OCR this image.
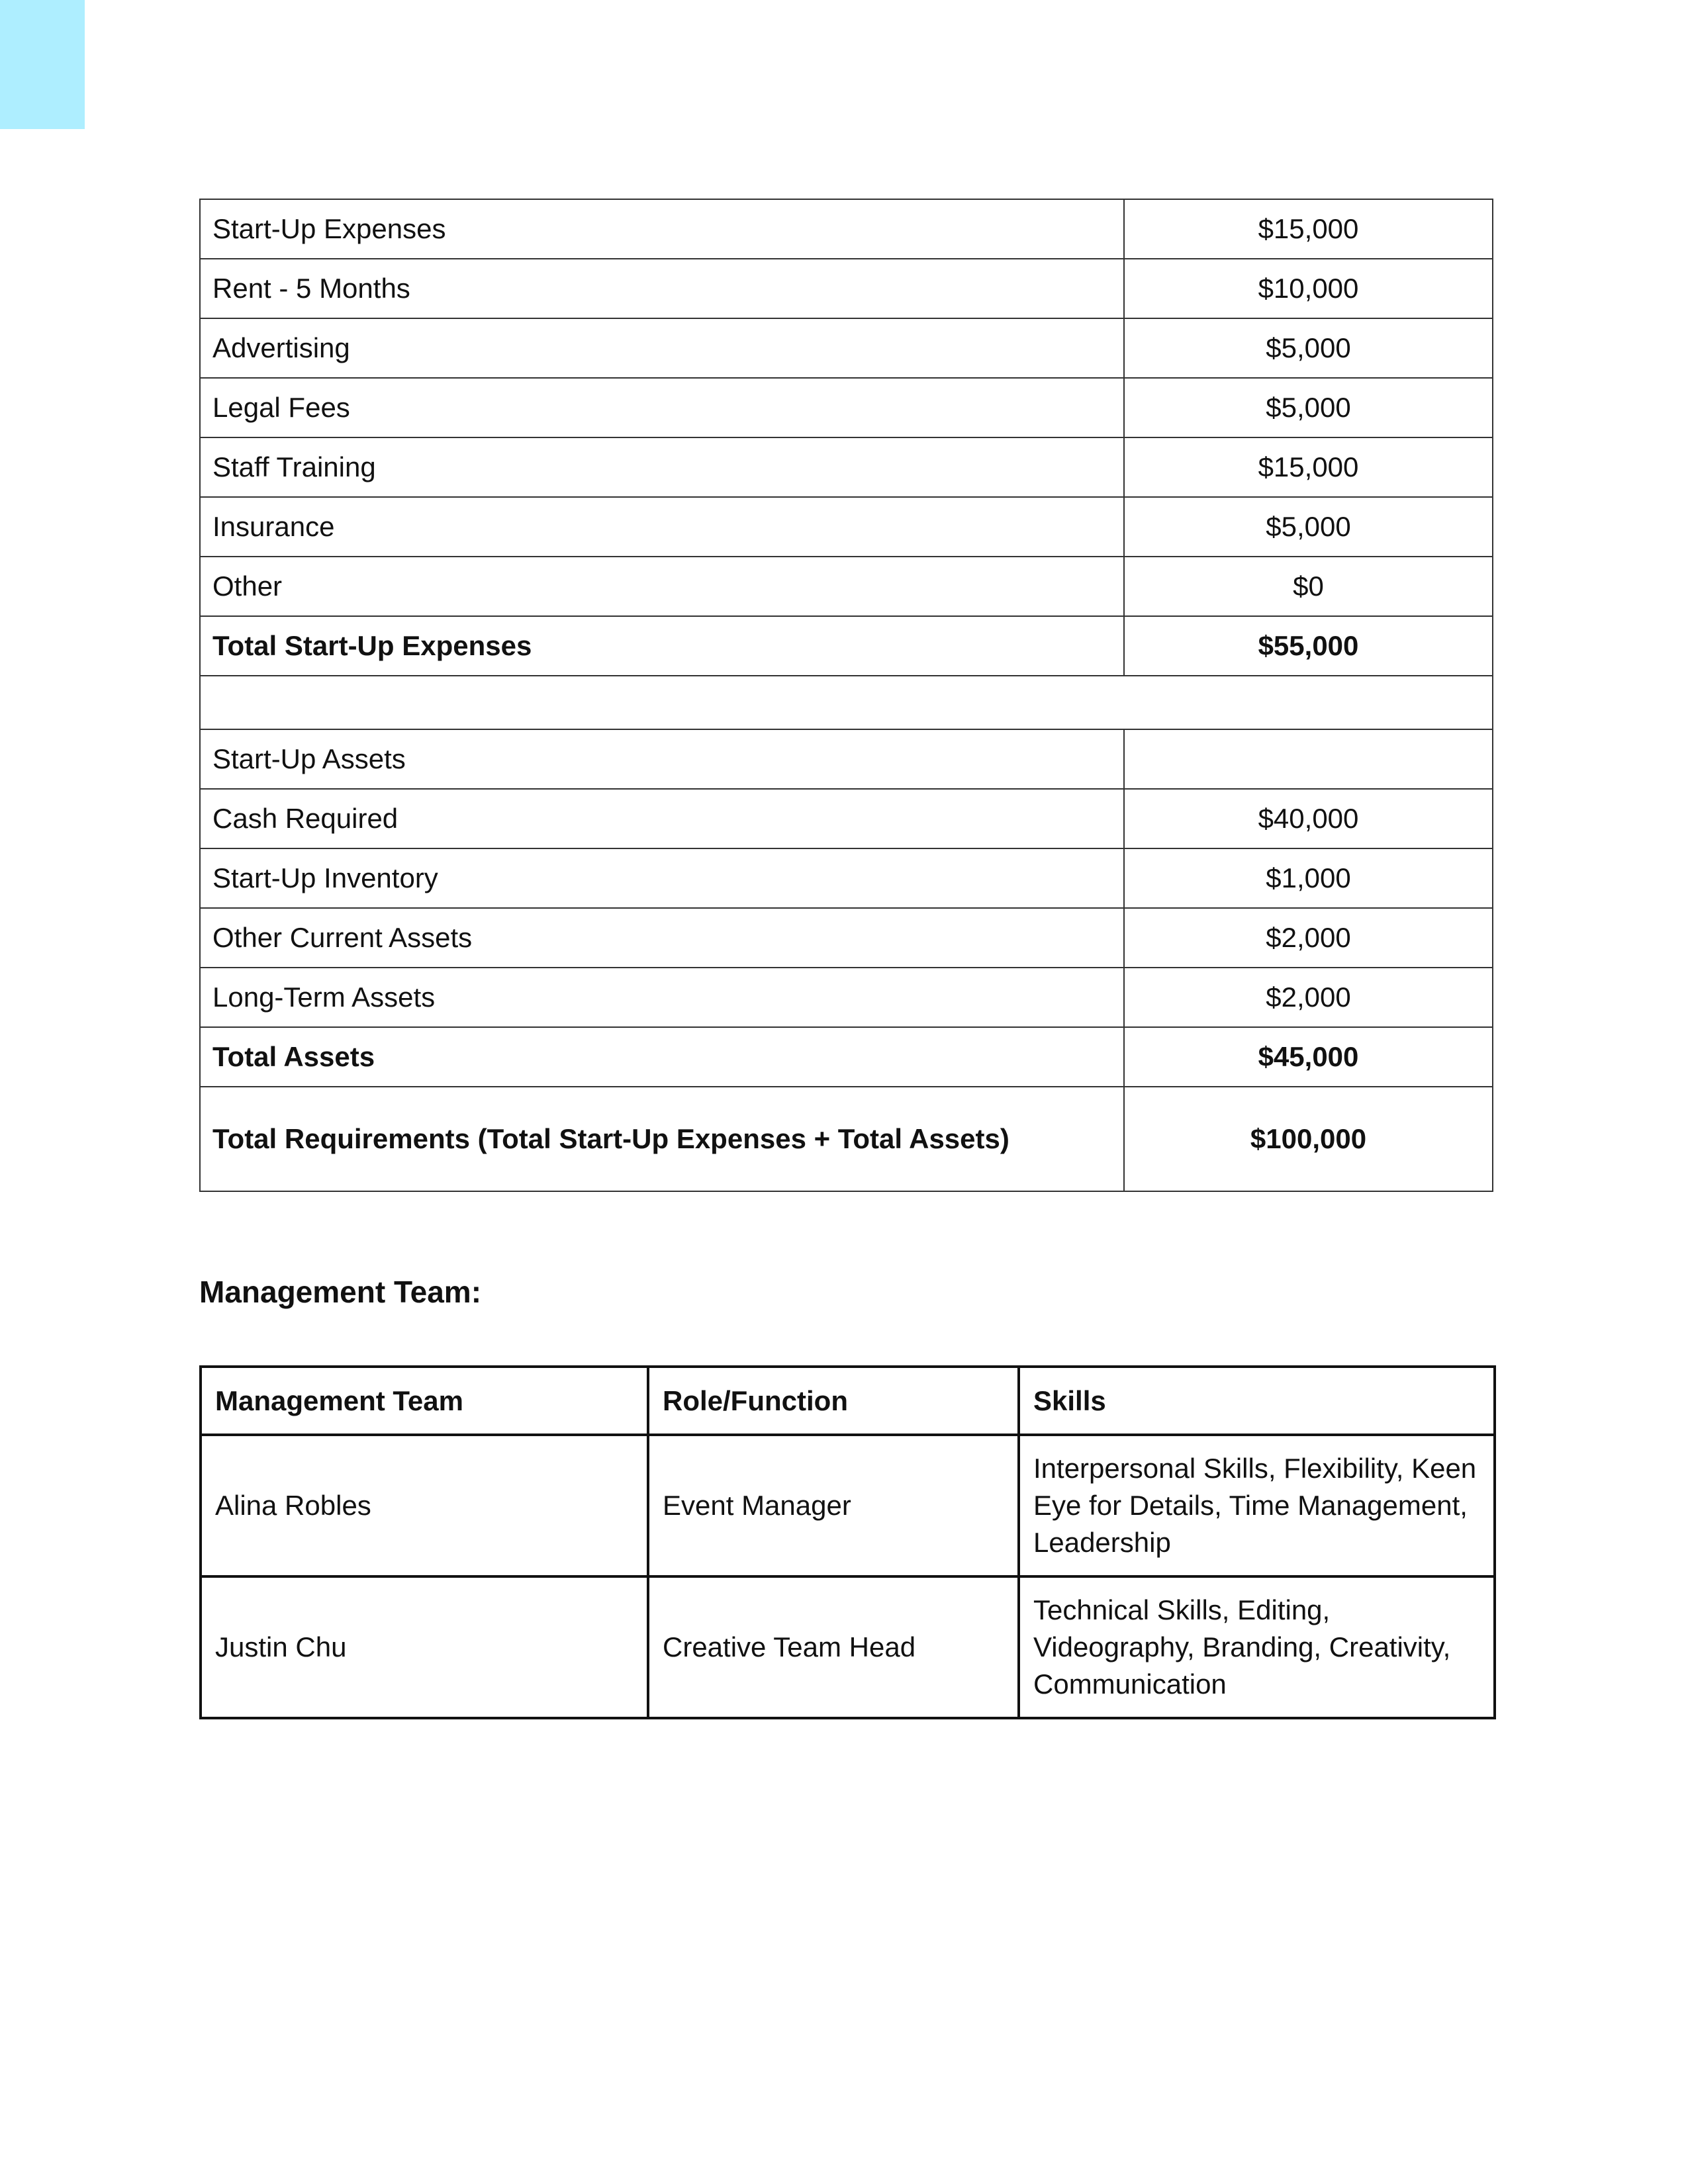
Start-Up Expenses	$15,000
Rent - 5 Months	$10,000
Advertising	$5,000
Legal Fees	$5,000
Staff Training	$15,000
Insurance	$5,000
Other	$0
Total Start-Up Expenses	$55,000

Start-Up Assets	
Cash Required	$40,000
Start-Up Inventory	$1,000
Other Current Assets	$2,000
Long-Term Assets	$2,000
Total Assets	$45,000
Total Requirements (Total Start-Up Expenses + Total Assets)	$100,000
Management Team:
Management Team	Role/Function	Skills
Alina Robles	Event Manager	Interpersonal Skills, Flexibility, Keen Eye for Details, Time Management, Leadership
Justin Chu	Creative Team Head	Technical Skills, Editing, Videography, Branding, Creativity, Communication
